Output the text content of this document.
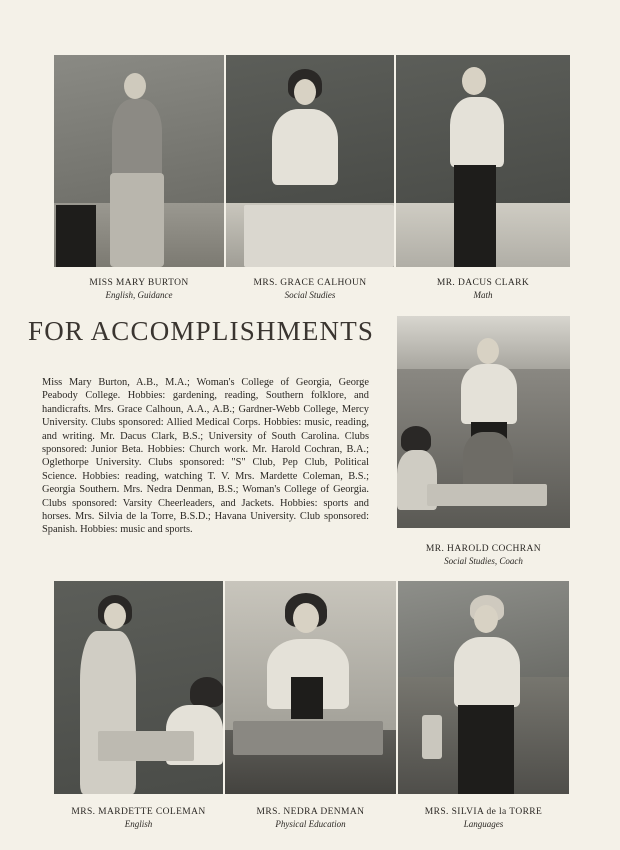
MISS MARY BURTON
English, Guidance
MRS. GRACE CALHOUN
Social Studies
MR. DACUS CLARK
Math
FOR ACCOMPLISHMENTS
Miss Mary Burton, A.B., M.A.; Woman's College of Georgia, George Peabody College. Hobbies: gardening, reading, Southern folklore, and handicrafts. Mrs. Grace Calhoun, A.A., A.B.; Gardner-Webb College, Mercy University. Clubs sponsored: Allied Medical Corps. Hobbies: music, reading, and writing. Mr. Dacus Clark, B.S.; University of South Carolina. Clubs sponsored: Junior Beta. Hobbies: Church work. Mr. Harold Cochran, B.A.; Oglethorpe University. Clubs sponsored: "S" Club, Pep Club, Political Science. Hobbies: reading, watching T. V. Mrs. Mardette Coleman, B.S.; Georgia Southern. Mrs. Nedra Denman, B.S.; Woman's College of Georgia. Clubs sponsored: Varsity Cheerleaders, and Jackets. Hobbies: sports and horses. Mrs. Silvia de la Torre, B.S.D.; Havana University. Club sponsored: Spanish. Hobbies: music and sports.
MR. HAROLD COCHRAN
Social Studies, Coach
MRS. MARDETTE COLEMAN
English
MRS. NEDRA DENMAN
Physical Education
MRS. SILVIA de la TORRE
Languages
